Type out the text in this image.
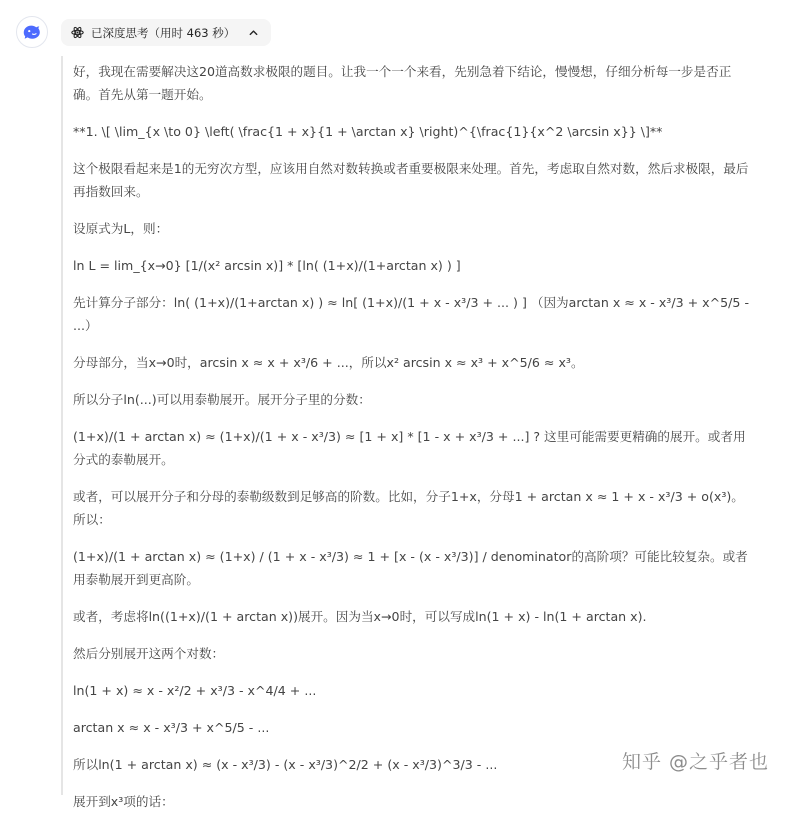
已深度思考（用时 463 秒）

好，我现在需要解决这20道高数求极限的题目。让我一个一个来看，先别急着下结论，慢慢想，仔细分析每一步是否正确。首先从第一题开始。

**1. \[ \lim_{x \to 0} \left( \frac{1 + x}{1 + \arctan x} \right)^{\frac{1}{x^2 \arcsin x}} \]**

这个极限看起来是1的无穷次方型，应该用自然对数转换或者重要极限来处理。首先，考虑取自然对数，然后求极限，最后再指数回来。

设原式为L，则：

ln L = lim_{x→0} [1/(x² arcsin x)] * [ln( (1+x)/(1+arctan x) ) ]

先计算分子部分：ln( (1+x)/(1+arctan x) ) ≈ ln[ (1+x)/(1 + x - x³/3 + ... ) ] （因为arctan x ≈ x - x³/3 + x^5/5 - ...）

分母部分，当x→0时，arcsin x ≈ x + x³/6 + ...，所以x² arcsin x ≈ x³ + x^5/6 ≈ x³。

所以分子ln(...)可以用泰勒展开。展开分子里的分数：

(1+x)/(1 + arctan x) ≈ (1+x)/(1 + x - x³/3) ≈ [1 + x] * [1 - x + x³/3 + ...] ? 这里可能需要更精确的展开。或者用分式的泰勒展开。

或者，可以展开分子和分母的泰勒级数到足够高的阶数。比如，分子1+x，分母1 + arctan x ≈ 1 + x - x³/3 + o(x³)。所以：

(1+x)/(1 + arctan x) ≈ (1+x) / (1 + x - x³/3) ≈ 1 + [x - (x - x³/3)] / denominator的高阶项？可能比较复杂。或者用泰勒展开到更高阶。

或者，考虑将ln((1+x)/(1 + arctan x))展开。因为当x→0时，可以写成ln(1 + x) - ln(1 + arctan x).

然后分别展开这两个对数：

ln(1 + x) ≈ x - x²/2 + x³/3 - x^4/4 + ...

arctan x ≈ x - x³/3 + x^5/5 - ...

所以ln(1 + arctan x) ≈ (x - x³/3) - (x - x³/3)^2/2 + (x - x³/3)^3/3 - ...

展开到x³项的话：

知乎 @之乎者也
